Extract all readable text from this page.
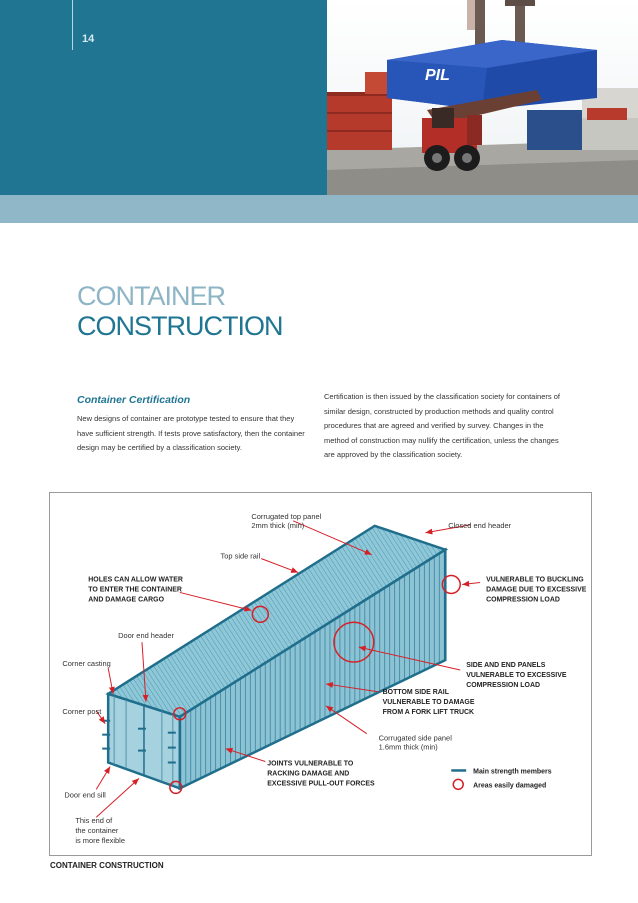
14
PIL
CONTAINER
CONSTRUCTION
Container Certification

New designs of container are prototype tested to ensure that they have sufficient strength. If tests prove satisfactory, then the container design may be certified by a classification society.

Certification is then issued by the classification society for containers of similar design, constructed by production methods and quality control procedures that are agreed and verified by survey. Changes in the method of construction may nullify the certification, unless the changes are approved by the classification society.

Corrugated top panel
2mm thick (min)	Closed end header
Top side rail
Door end header
Corner casting
Corner post
Corrugated side panel
1.6mm thick (min)
Door end sill
This end of
the container
is more flexible
HOLES CAN ALLOW WATER
TO ENTER THE CONTAINER
AND DAMAGE CARGO
VULNERABLE TO BUCKLING
DAMAGE DUE TO EXCESSIVE
COMPRESSION LOAD
SIDE AND END PANELS
VULNERABLE TO EXCESSIVE
COMPRESSION LOAD
BOTTOM SIDE RAIL
VULNERABLE TO DAMAGE
FROM A FORK LIFT TRUCK
JOINTS VULNERABLE TO
RACKING DAMAGE AND
EXCESSIVE PULL-OUT FORCES
Main strength members
Areas easily damaged
CONTAINER CONSTRUCTION
